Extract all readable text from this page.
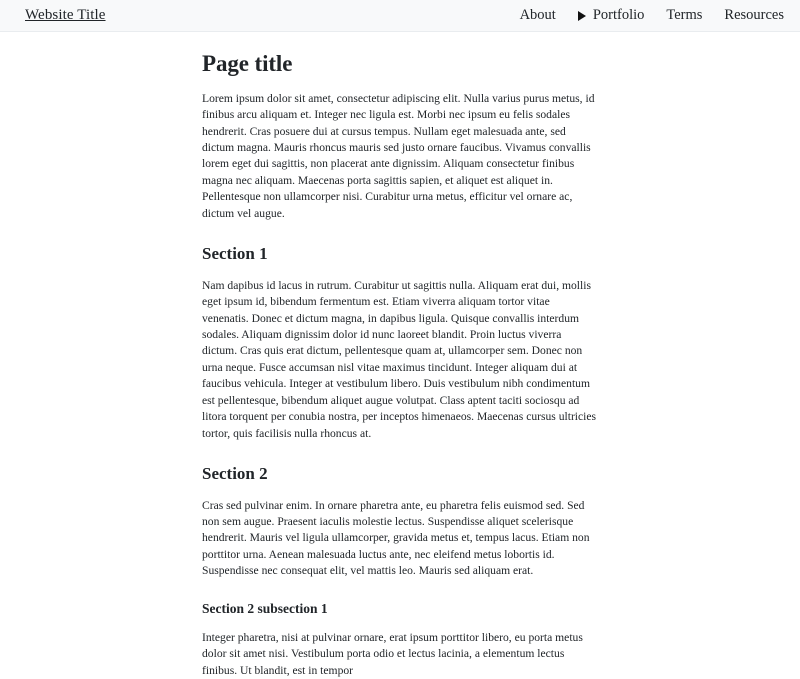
Website Title	About	Portfolio Terms Resources
Page title

Lorem ipsum dolor sit amet, consectetur adipiscing elit. Nulla varius purus metus, id finibus arcu aliquam et. Integer nec ligula est. Morbi nec ipsum eu felis sodales hendrerit. Cras posuere dui at cursus tempus. Nullam eget malesuada ante, sed dictum magna. Mauris rhoncus mauris sed justo ornare faucibus. Vivamus convallis lorem eget dui sagittis, non placerat ante dignissim. Aliquam consectetur finibus magna nec aliquam. Maecenas porta sagittis sapien, et aliquet est aliquet in. Pellentesque non ullamcorper nisi. Curabitur urna metus, efficitur vel ornare ac, dictum vel augue.

Section 1

Nam dapibus id lacus in rutrum. Curabitur ut sagittis nulla. Aliquam erat dui, mollis eget ipsum id, bibendum fermentum est. Etiam viverra aliquam tortor vitae venenatis. Donec et dictum magna, in dapibus ligula. Quisque convallis interdum sodales. Aliquam dignissim dolor id nunc laoreet blandit. Proin luctus viverra dictum. Cras quis erat dictum, pellentesque quam at, ullamcorper sem. Donec non urna neque. Fusce accumsan nisl vitae maximus tincidunt. Integer aliquam dui at faucibus vehicula. Integer at vestibulum libero. Duis vestibulum nibh condimentum est pellentesque, bibendum aliquet augue volutpat. Class aptent taciti sociosqu ad litora torquent per conubia nostra, per inceptos himenaeos. Maecenas cursus ultricies tortor, quis facilisis nulla rhoncus at.

Section 2

Cras sed pulvinar enim. In ornare pharetra ante, eu pharetra felis euismod sed. Sed non sem augue. Praesent iaculis molestie lectus. Suspendisse aliquet scelerisque hendrerit. Mauris vel ligula ullamcorper, gravida metus et, tempus lacus. Etiam non porttitor urna. Aenean malesuada luctus ante, nec eleifend metus lobortis id. Suspendisse nec consequat elit, vel mattis leo. Mauris sed aliquam erat.

Section 2 subsection 1

Integer pharetra, nisi at pulvinar ornare, erat ipsum porttitor libero, eu porta metus dolor sit amet nisi. Vestibulum porta odio et lectus lacinia, a elementum lectus finibus. Ut blandit, est in tempor
